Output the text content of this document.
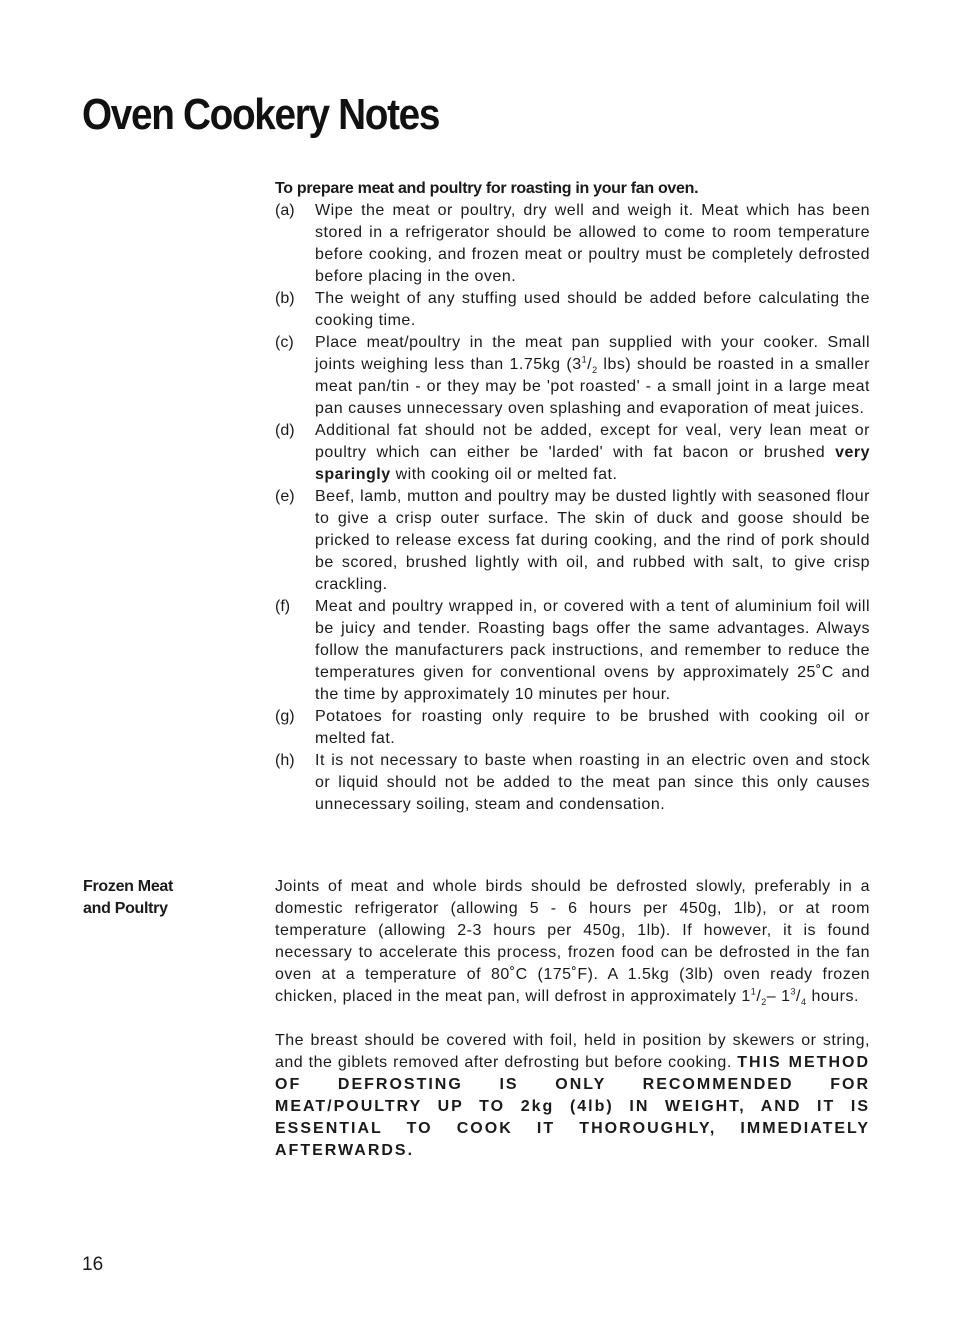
Oven Cookery Notes

To prepare meat and poultry for roasting in your fan oven.

(a)	Wipe the meat or poultry, dry well and weigh it. Meat which has been stored in a refrigerator should be allowed to come to room temperature before cooking, and frozen meat or poultry must be completely defrosted before placing in the oven.
(b)	The weight of any stuffing used should be added before calculating the cooking time.
(c)	Place meat/poultry in the meat pan supplied with your cooker. Small joints weighing less than 1.75kg ($3^1/_2$ lbs) should be roasted in a smaller meat pan/tin - or they may be 'pot roasted' - a small joint in a large meat pan causes unnecessary oven splashing and evaporation of meat juices.
(d)	Additional fat should not be added, except for veal, very lean meat or poultry which can either be 'larded' with fat bacon or brushed very sparingly with cooking oil or melted fat.
(e)	Beef, lamb, mutton and poultry may be dusted lightly with seasoned flour to give a crisp outer surface. The skin of duck and goose should be pricked to release excess fat during cooking, and the rind of pork should be scored, brushed lightly with oil, and rubbed with salt, to give crisp crackling.
(f)	Meat and poultry wrapped in, or covered with a tent of aluminium foil will be juicy and tender. Roasting bags offer the same advantages. Always follow the manufacturers pack instructions, and remember to reduce the temperatures given for conventional ovens by approximately 25˚C and the time by approximately 10 minutes per hour.
(g)	Potatoes for roasting only require to be brushed with cooking oil or melted fat.
(h)	It is not necessary to baste when roasting in an electric oven and stock or liquid should not be added to the meat pan since this only causes unnecessary soiling, steam and condensation.
Frozen Meat
and Poultry

Joints of meat and whole birds should be defrosted slowly, preferably in a domestic refrigerator (allowing 5 - 6 hours per 450g, 1lb), or at room temperature (allowing 2-3 hours per 450g, 1lb). If however, it is found necessary to accelerate this process, frozen food can be defrosted in the fan oven at a temperature of 80˚C (175˚F). A 1.5kg (3lb) oven ready frozen chicken, placed in the meat pan, will defrost in approximately $1^1/_2-$ $1^3/_4$ hours.

The breast should be covered with foil, held in position by skewers or string, and the giblets removed after defrosting but before cooking. THIS METHOD OF DEFROSTING IS ONLY RECOMMENDED FOR MEAT/POULTRY UP TO 2kg (4lb) IN WEIGHT, AND IT IS ESSENTIAL TO COOK IT THOROUGHLY, IMMEDIATELY AFTERWARDS.

16
